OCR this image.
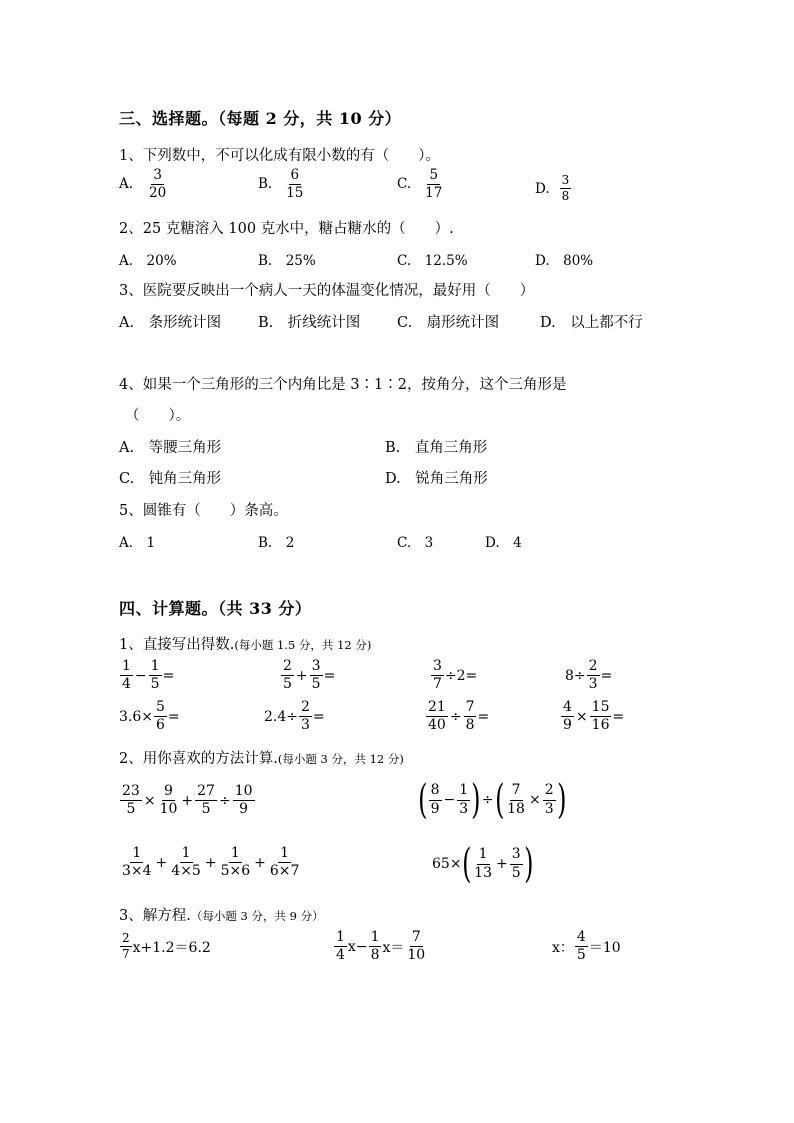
三、选择题。（每题 2 分，共 10 分）
1、下列数中，不可以化成有限小数的有（　　）。
A. $\frac{3}{20}$	B. $\frac{6}{15}$	C. $\frac{5}{17}$	D. $\frac{3}{8}$
2、25 克糖溶入 100 克水中，糖占糖水的（　　）.
A.　20%	B.　25%	C.　12.5%	D.　80%
3、医院要反映出一个病人一天的体温变化情况，最好用（　　）
A.　条形统计图	B.　折线统计图	C.　扇形统计图	D.　以上都不行
4、如果一个三角形的三个内角比是 3∶1∶2，按角分，这个三角形是
（　　）。
A.　等腰三角形	B.　直角三角形
C.　钝角三角形	D.　锐角三角形
5、圆锥有（　　）条高。
A.　1	B.　2	C.　3	D.　4
四、计算题。（共 33 分）
1、直接写出得数.(每小题 1.5 分，共 12 分)
$\frac{1}{4} - \frac{1}{5}$ =	$\frac{2}{5} + \frac{3}{5}$ =	$\frac{3}{7} \div 2=$	$8\div \frac{2}{3}$ =
$3.6\times \frac{5}{6}$ =	$2.4\div \frac{2}{3}$ =	$\frac{21}{40} \div \frac{7}{8}$ =	$\frac{4}{9} \times \frac{15}{16}$ =
2、用你喜欢的方法计算.(每小题 3 分，共 12 分)
$\frac{23}{5} \times \frac{9}{10} + \frac{27}{5} \div \frac{10}{9}$	( $\frac{8}{9} - \frac{1}{3}$ ) ÷ ( $\frac{7}{18} \times \frac{2}{3}$ )
$\frac{1}{3\times 4} + \frac{1}{4\times 5} + \frac{1}{5\times 6} + \frac{1}{6\times 7}$	65× ( $\frac{1}{13} + \frac{3}{5}$ )
3、解方程.（每小题 3 分，共 9 分）
$\frac{2}{7} x+1.2=6.2$	$\frac{1}{4} x- \frac{1}{8} x= \frac{7}{10}$	x： $\frac{4}{5} =10$
